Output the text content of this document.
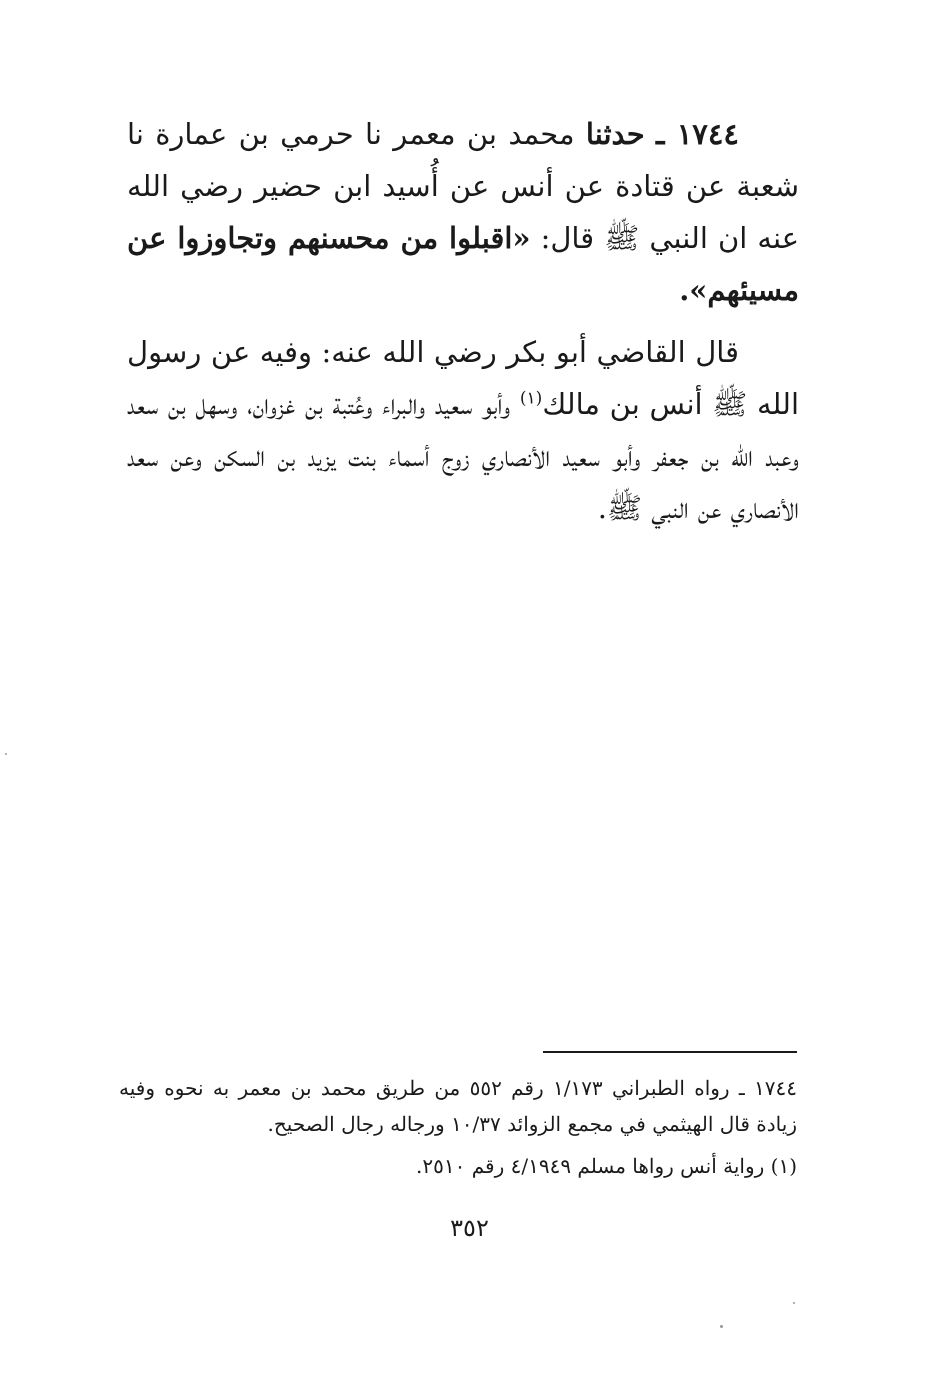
١٧٤٤ ـ حدثنا محمد بن معمر نا حرمي بن عمارة نا شعبة عن قتادة عن أنس عن أُسيد ابن حضير رضي الله عنه ان النبي ﷺ قال: «اقبلوا من محسنهم وتجاوزوا عن مسيئهم».

قال القاضي أبو بكر رضي الله عنه: وفيه عن رسول الله ﷺ أنس بن مالك$^{(١)}$ وأبو سعيد والبراء وعُتبة بن غزوان، وسهل بن سعد وعبد الله بن جعفر وأبو سعيد الأنصاري زوج أسماء بنت يزيد بن السكن وعن سعد الأنصاري عن النبي ﷺ.

١٧٤٤ ـ رواه الطبراني ١/١٧٣ رقم ٥٥٢ من طريق محمد بن معمر به نحوه وفيه زيادة قال الهيثمي في مجمع الزوائد ١٠/٣٧ ورجاله رجال الصحيح.

(١) رواية أنس رواها مسلم ٤/١٩٤٩ رقم ٢٥١٠.

٣٥٢
